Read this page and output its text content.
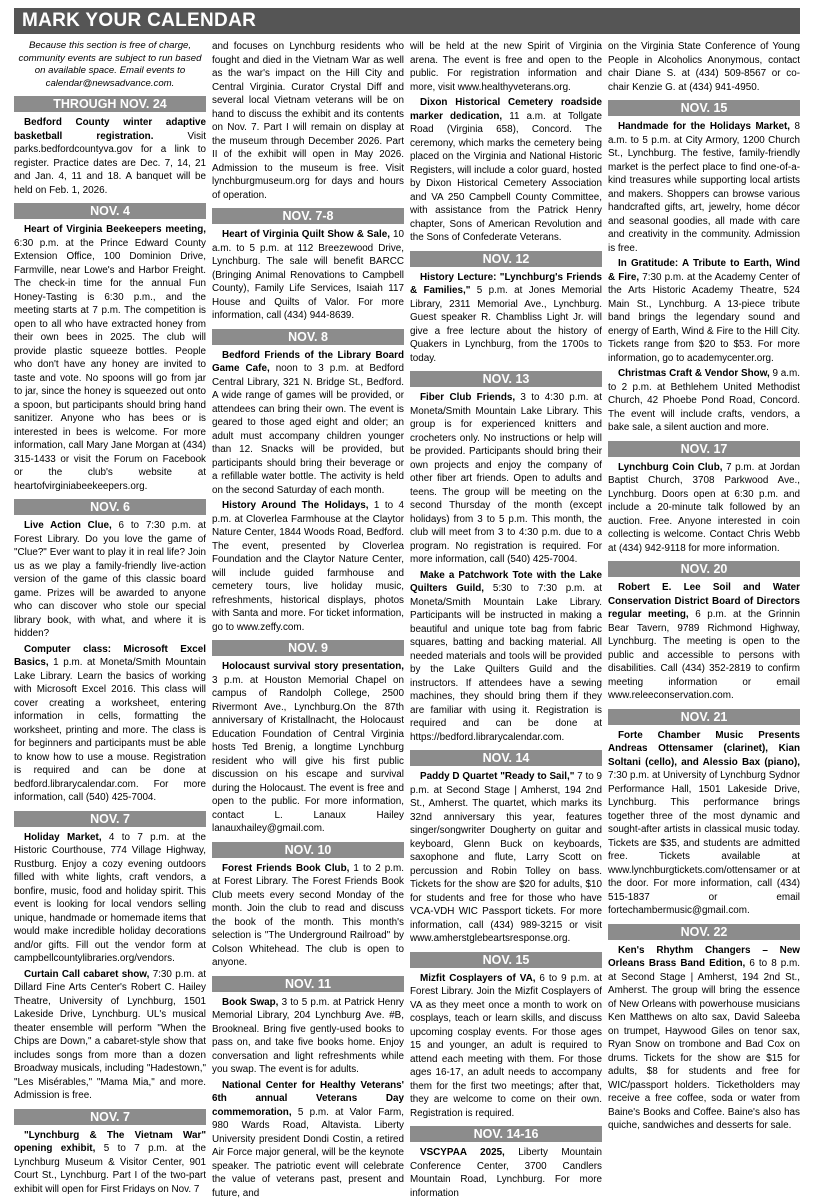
MARK YOUR CALENDAR

Because this section is free of charge, community events are subject to run based on available space. Email events to calendar@newsadvance.com.

THROUGH NOV. 24

Bedford County winter adaptive basketball registration. Visit parks.bedfordcountyva.gov for a link to register. Practice dates are Dec. 7, 14, 21 and Jan. 4, 11 and 18. A banquet will be held on Feb. 1, 2026.

NOV. 4

Heart of Virginia Beekeepers meeting, 6:30 p.m. at the Prince Edward County Extension Office, 100 Dominion Drive, Farmville, near Lowe's and Harbor Freight. The check-in time for the annual Fun Honey-Tasting is 6:30 p.m., and the meeting starts at 7 p.m. The competition is open to all who have extracted honey from their own bees in 2025. The club will provide plastic squeeze bottles. People who don't have any honey are invited to taste and vote. No spoons will go from jar to jar, since the honey is squeezed out onto a spoon, but participants should bring hand sanitizer. Anyone who has bees or is interested in bees is welcome. For more information, call Mary Jane Morgan at (434) 315-1433 or visit the Forum on Facebook or the club's website at heartofvirginiabeekeepers.org.

NOV. 6

Live Action Clue, 6 to 7:30 p.m. at Forest Library. Do you love the game of "Clue?" Ever want to play it in real life? Join us as we play a family-friendly live-action version of the game of this classic board game. Prizes will be awarded to anyone who can discover who stole our special library book, with what, and where it is hidden?

Computer class: Microsoft Excel Basics, 1 p.m. at Moneta/Smith Mountain Lake Library. Learn the basics of working with Microsoft Excel 2016. This class will cover creating a worksheet, entering information in cells, formatting the worksheet, printing and more. The class is for beginners and participants must be able to know how to use a mouse. Registration is required and can be done at bedford.librarycalendar.com. For more information, call (540) 425-7004.

NOV. 7

Holiday Market, 4 to 7 p.m. at the Historic Courthouse, 774 Village Highway, Rustburg. Enjoy a cozy evening outdoors filled with white lights, craft vendors, a bonfire, music, food and holiday spirit. This event is looking for local vendors selling unique, handmade or homemade items that would make incredible holiday decorations and/or gifts. Fill out the vendor form at campbellcountylibraries.org/vendors.

Curtain Call cabaret show, 7:30 p.m. at Dillard Fine Arts Center's Robert C. Hailey Theatre, University of Lynchburg, 1501 Lakeside Drive, Lynchburg. UL's musical theater ensemble will perform "When the Chips are Down," a cabaret-style show that includes songs from more than a dozen Broadway musicals, including "Hadestown," "Les Misérables," "Mama Mia," and more. Admission is free.

NOV. 7

"Lynchburg & The Vietnam War" opening exhibit, 5 to 7 p.m. at the Lynchburg Museum & Visitor Center, 901 Court St., Lynchburg. Part I of the two-part exhibit will open for First Fridays on Nov. 7

and focuses on Lynchburg residents who fought and died in the Vietnam War as well as the war's impact on the Hill City and Central Virginia. Curator Crystal Diff and several local Vietnam veterans will be on hand to discuss the exhibit and its contents on Nov. 7. Part I will remain on display at the museum through December 2026. Part II of the exhibit will open in May 2026. Admission to the museum is free. Visit lynchburgmuseum.org for days and hours of operation.

NOV. 7-8

Heart of Virginia Quilt Show & Sale, 10 a.m. to 5 p.m. at 112 Breezewood Drive, Lynchburg. The sale will benefit BARCC (Bringing Animal Renovations to Campbell County), Family Life Services, Isaiah 117 House and Quilts of Valor. For more information, call (434) 944-8639.

NOV. 8

Bedford Friends of the Library Board Game Cafe, noon to 3 p.m. at Bedford Central Library, 321 N. Bridge St., Bedford. A wide range of games will be provided, or attendees can bring their own. The event is geared to those aged eight and older; an adult must accompany children younger than 12. Snacks will be provided, but participants should bring their beverage or a refillable water bottle. The activity is held on the second Saturday of each month.

History Around The Holidays, 1 to 4 p.m. at Cloverlea Farmhouse at the Claytor Nature Center, 1844 Woods Road, Bedford. The event, presented by Cloverlea Foundation and the Claytor Nature Center, will include guided farmhouse and cemetery tours, live holiday music, refreshments, historical displays, photos with Santa and more. For ticket information, go to www.zeffy.com.

NOV. 9

Holocaust survival story presentation, 3 p.m. at Houston Memorial Chapel on campus of Randolph College, 2500 Rivermont Ave., Lynchburg.On the 87th anniversary of Kristallnacht, the Holocaust Education Foundation of Central Virginia hosts Ted Brenig, a longtime Lynchburg resident who will give his first public discussion on his escape and survival during the Holocaust. The event is free and open to the public. For more information, contact L. Lanaux Hailey lanauxhailey@gmail.com.

NOV. 10

Forest Friends Book Club, 1 to 2 p.m. at Forest Library. The Forest Friends Book Club meets every second Monday of the month. Join the club to read and discuss the book of the month. This month's selection is "The Underground Railroad" by Colson Whitehead. The club is open to anyone.

NOV. 11

Book Swap, 3 to 5 p.m. at Patrick Henry Memorial Library, 204 Lynchburg Ave. #B, Brookneal. Bring five gently-used books to pass on, and take five books home. Enjoy conversation and light refreshments while you swap. The event is for adults.

National Center for Healthy Veterans' 6th annual Veterans Day commemoration, 5 p.m. at Valor Farm, 980 Wards Road, Altavista. Liberty University president Dondi Costin, a retired Air Force major general, will be the keynote speaker. The patriotic event will celebrate the value of veterans past, present and future, and

will be held at the new Spirit of Virginia arena. The event is free and open to the public. For registration information and more, visit www.healthyveterans.org.

Dixon Historical Cemetery roadside marker dedication, 11 a.m. at Tollgate Road (Virginia 658), Concord. The ceremony, which marks the cemetery being placed on the Virginia and National Historic Registers, will include a color guard, hosted by Dixon Historical Cemetery Association and VA 250 Campbell County Committee, with assistance from the Patrick Henry chapter, Sons of American Revolution and the Sons of Confederate Veterans.

NOV. 12

History Lecture: "Lynchburg's Friends & Families," 5 p.m. at Jones Memorial Library, 2311 Memorial Ave., Lynchburg. Guest speaker R. Chambliss Light Jr. will give a free lecture about the history of Quakers in Lynchburg, from the 1700s to today.

NOV. 13

Fiber Club Friends, 3 to 4:30 p.m. at Moneta/Smith Mountain Lake Library. This group is for experienced knitters and crocheters only. No instructions or help will be provided. Participants should bring their own projects and enjoy the company of other fiber art friends. Open to adults and teens. The group will be meeting on the second Thursday of the month (except holidays) from 3 to 5 p.m. This month, the club will meet from 3 to 4:30 p.m. due to a program. No registration is required. For more information, call (540) 425-7004.

Make a Patchwork Tote with the Lake Quilters Guild, 5:30 to 7:30 p.m. at Moneta/Smith Mountain Lake Library. Participants will be instructed in making a beautiful and unique tote bag from fabric squares, batting and backing material. All needed materials and tools will be provided by the Lake Quilters Guild and the instructors. If attendees have a sewing machines, they should bring them if they are familiar with using it. Registration is required and can be done at https://bedford.librarycalendar.com.

NOV. 14

Paddy D Quartet "Ready to Sail," 7 to 9 p.m. at Second Stage | Amherst, 194 2nd St., Amherst. The quartet, which marks its 32nd anniversary this year, features singer/songwriter Dougherty on guitar and keyboard, Glenn Buck on keyboards, saxophone and flute, Larry Scott on percussion and Robin Tolley on bass. Tickets for the show are $20 for adults, $10 for students and free for those who have VCA-VDH WIC Passport tickets. For more information, call (434) 989-3215 or visit www.amherstglebeartsresponse.org.

NOV. 15

Mizfit Cosplayers of VA, 6 to 9 p.m. at Forest Library. Join the Mizfit Cosplayers of VA as they meet once a month to work on cosplays, teach or learn skills, and discuss upcoming cosplay events. For those ages 15 and younger, an adult is required to attend each meeting with them. For those ages 16-17, an adult needs to accompany them for the first two meetings; after that, they are welcome to come on their own. Registration is required.

NOV. 14-16

VSCYPAA 2025, Liberty Mountain Conference Center, 3700 Candlers Mountain Road, Lynchburg. For more information

on the Virginia State Conference of Young People in Alcoholics Anonymous, contact chair Diane S. at (434) 509-8567 or co-chair Kenzie G. at (434) 941-4950.

NOV. 15

Handmade for the Holidays Market, 8 a.m. to 5 p.m. at City Armory, 1200 Church St., Lynchburg. The festive, family-friendly market is the perfect place to find one-of-a-kind treasures while supporting local artists and makers. Shoppers can browse various handcrafted gifts, art, jewelry, home décor and seasonal goodies, all made with care and creativity in the community. Admission is free.

In Gratitude: A Tribute to Earth, Wind & Fire, 7:30 p.m. at the Academy Center of the Arts Historic Academy Theatre, 524 Main St., Lynchburg. A 13-piece tribute band brings the legendary sound and energy of Earth, Wind & Fire to the Hill City. Tickets range from $20 to $53. For more information, go to academycenter.org.

Christmas Craft & Vendor Show, 9 a.m. to 2 p.m. at Bethlehem United Methodist Church, 42 Phoebe Pond Road, Concord. The event will include crafts, vendors, a bake sale, a silent auction and more.

NOV. 17

Lynchburg Coin Club, 7 p.m. at Jordan Baptist Church, 3708 Parkwood Ave., Lynchburg. Doors open at 6:30 p.m. and include a 20-minute talk followed by an auction. Free. Anyone interested in coin collecting is welcome. Contact Chris Webb at (434) 942-9118 for more information.

NOV. 20

Robert E. Lee Soil and Water Conservation District Board of Directors regular meeting, 6 p.m. at the Grinnin Bear Tavern, 9789 Richmond Highway, Lynchburg. The meeting is open to the public and accessible to persons with disabilities. Call (434) 352-2819 to confirm meeting information or email www.releeconservation.com.

NOV. 21

Forte Chamber Music Presents Andreas Ottensamer (clarinet), Kian Soltani (cello), and Alessio Bax (piano), 7:30 p.m. at University of Lynchburg Sydnor Performance Hall, 1501 Lakeside Drive, Lynchburg. This performance brings together three of the most dynamic and sought-after artists in classical music today. Tickets are $35, and students are admitted free. Tickets available at www.lynchburgtickets.com/ottensamer or at the door. For more information, call (434) 515-1837 or email fortechambermusic@gmail.com.

NOV. 22

Ken's Rhythm Changers – New Orleans Brass Band Edition, 6 to 8 p.m. at Second Stage | Amherst, 194 2nd St., Amherst. The group will bring the essence of New Orleans with powerhouse musicians Ken Matthews on alto sax, David Saleeba on trumpet, Haywood Giles on tenor sax, Ryan Snow on trombone and Bad Cox on drums. Tickets for the show are $15 for adults, $8 for students and free for WIC/passport holders. Ticketholders may receive a free coffee, soda or water from Baine's Books and Coffee. Baine's also has quiche, sandwiches and desserts for sale.
